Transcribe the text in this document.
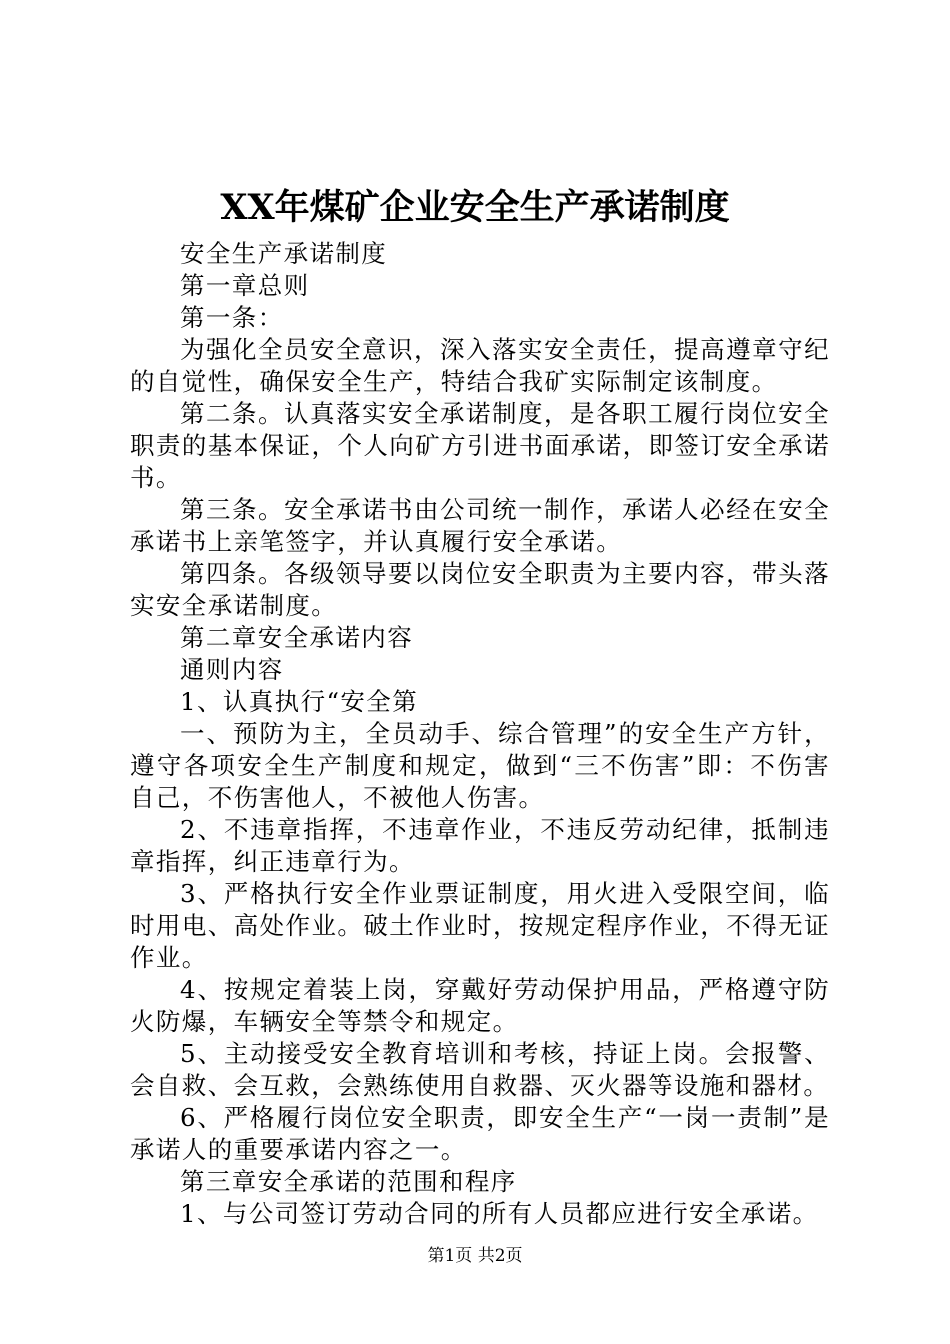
XX年煤矿企业安全生产承诺制度

安全生产承诺制度

第一章总则

第一条：

为强化全员安全意识，深入落实安全责任，提高遵章守纪的自觉性，确保安全生产，特结合我矿实际制定该制度。

第二条。认真落实安全承诺制度，是各职工履行岗位安全职责的基本保证，个人向矿方引进书面承诺，即签订安全承诺书。

第三条。安全承诺书由公司统一制作，承诺人必经在安全承诺书上亲笔签字，并认真履行安全承诺。

第四条。各级领导要以岗位安全职责为主要内容，带头落实安全承诺制度。

第二章安全承诺内容

通则内容

1、认真执行“安全第

一、预防为主，全员动手、综合管理”的安全生产方针，遵守各项安全生产制度和规定，做到“三不伤害”即：不伤害自己，不伤害他人，不被他人伤害。

2、不违章指挥，不违章作业，不违反劳动纪律，抵制违章指挥，纠正违章行为。

3、严格执行安全作业票证制度，用火进入受限空间，临时用电、高处作业。破土作业时，按规定程序作业，不得无证作业。

4、按规定着装上岗，穿戴好劳动保护用品，严格遵守防火防爆，车辆安全等禁令和规定。

5、主动接受安全教育培训和考核，持证上岗。会报警、会自救、会互救，会熟练使用自救器、灭火器等设施和器材。

6、严格履行岗位安全职责，即安全生产“一岗一责制”是承诺人的重要承诺内容之一。

第三章安全承诺的范围和程序

1、与公司签订劳动合同的所有人员都应进行安全承诺。

第1页 共2页
